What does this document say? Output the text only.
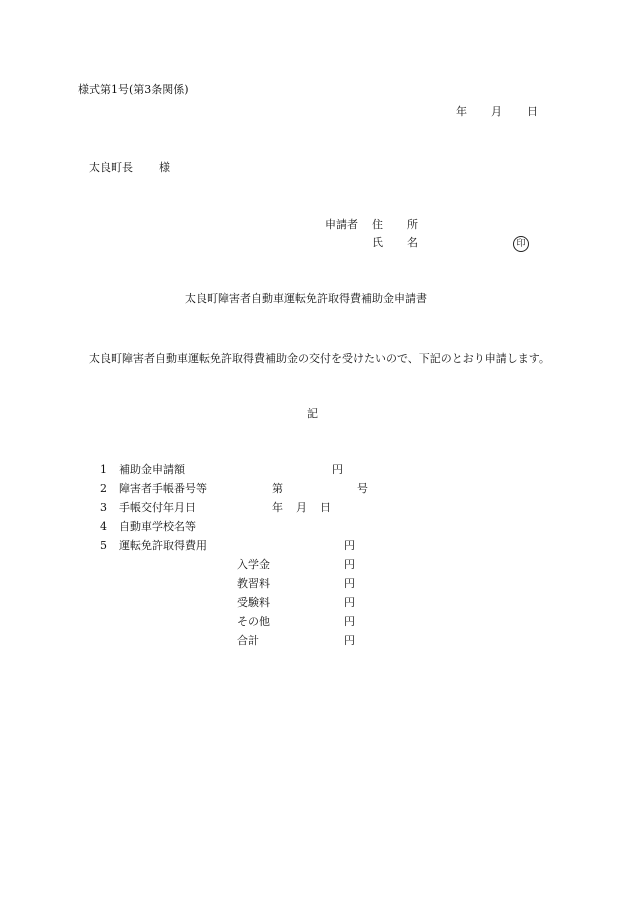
様式第1号(第3条関係)
年 月 日
太良町長 様
申請者 住 所
氏 名	印
太良町障害者自動車運転免許取得費補助金申請書
太良町障害者自動車運転免許取得費補助金の交付を受けたいので、下記のとおり申請します。
記
1 補助金申請額	円
2 障害者手帳番号等	第	号
3 手帳交付年月日	年 月 日
4 自動車学校名等
5 運転免許取得費用	円
入学金	円
教習料	円
受験料	円
その他	円
合計	円
